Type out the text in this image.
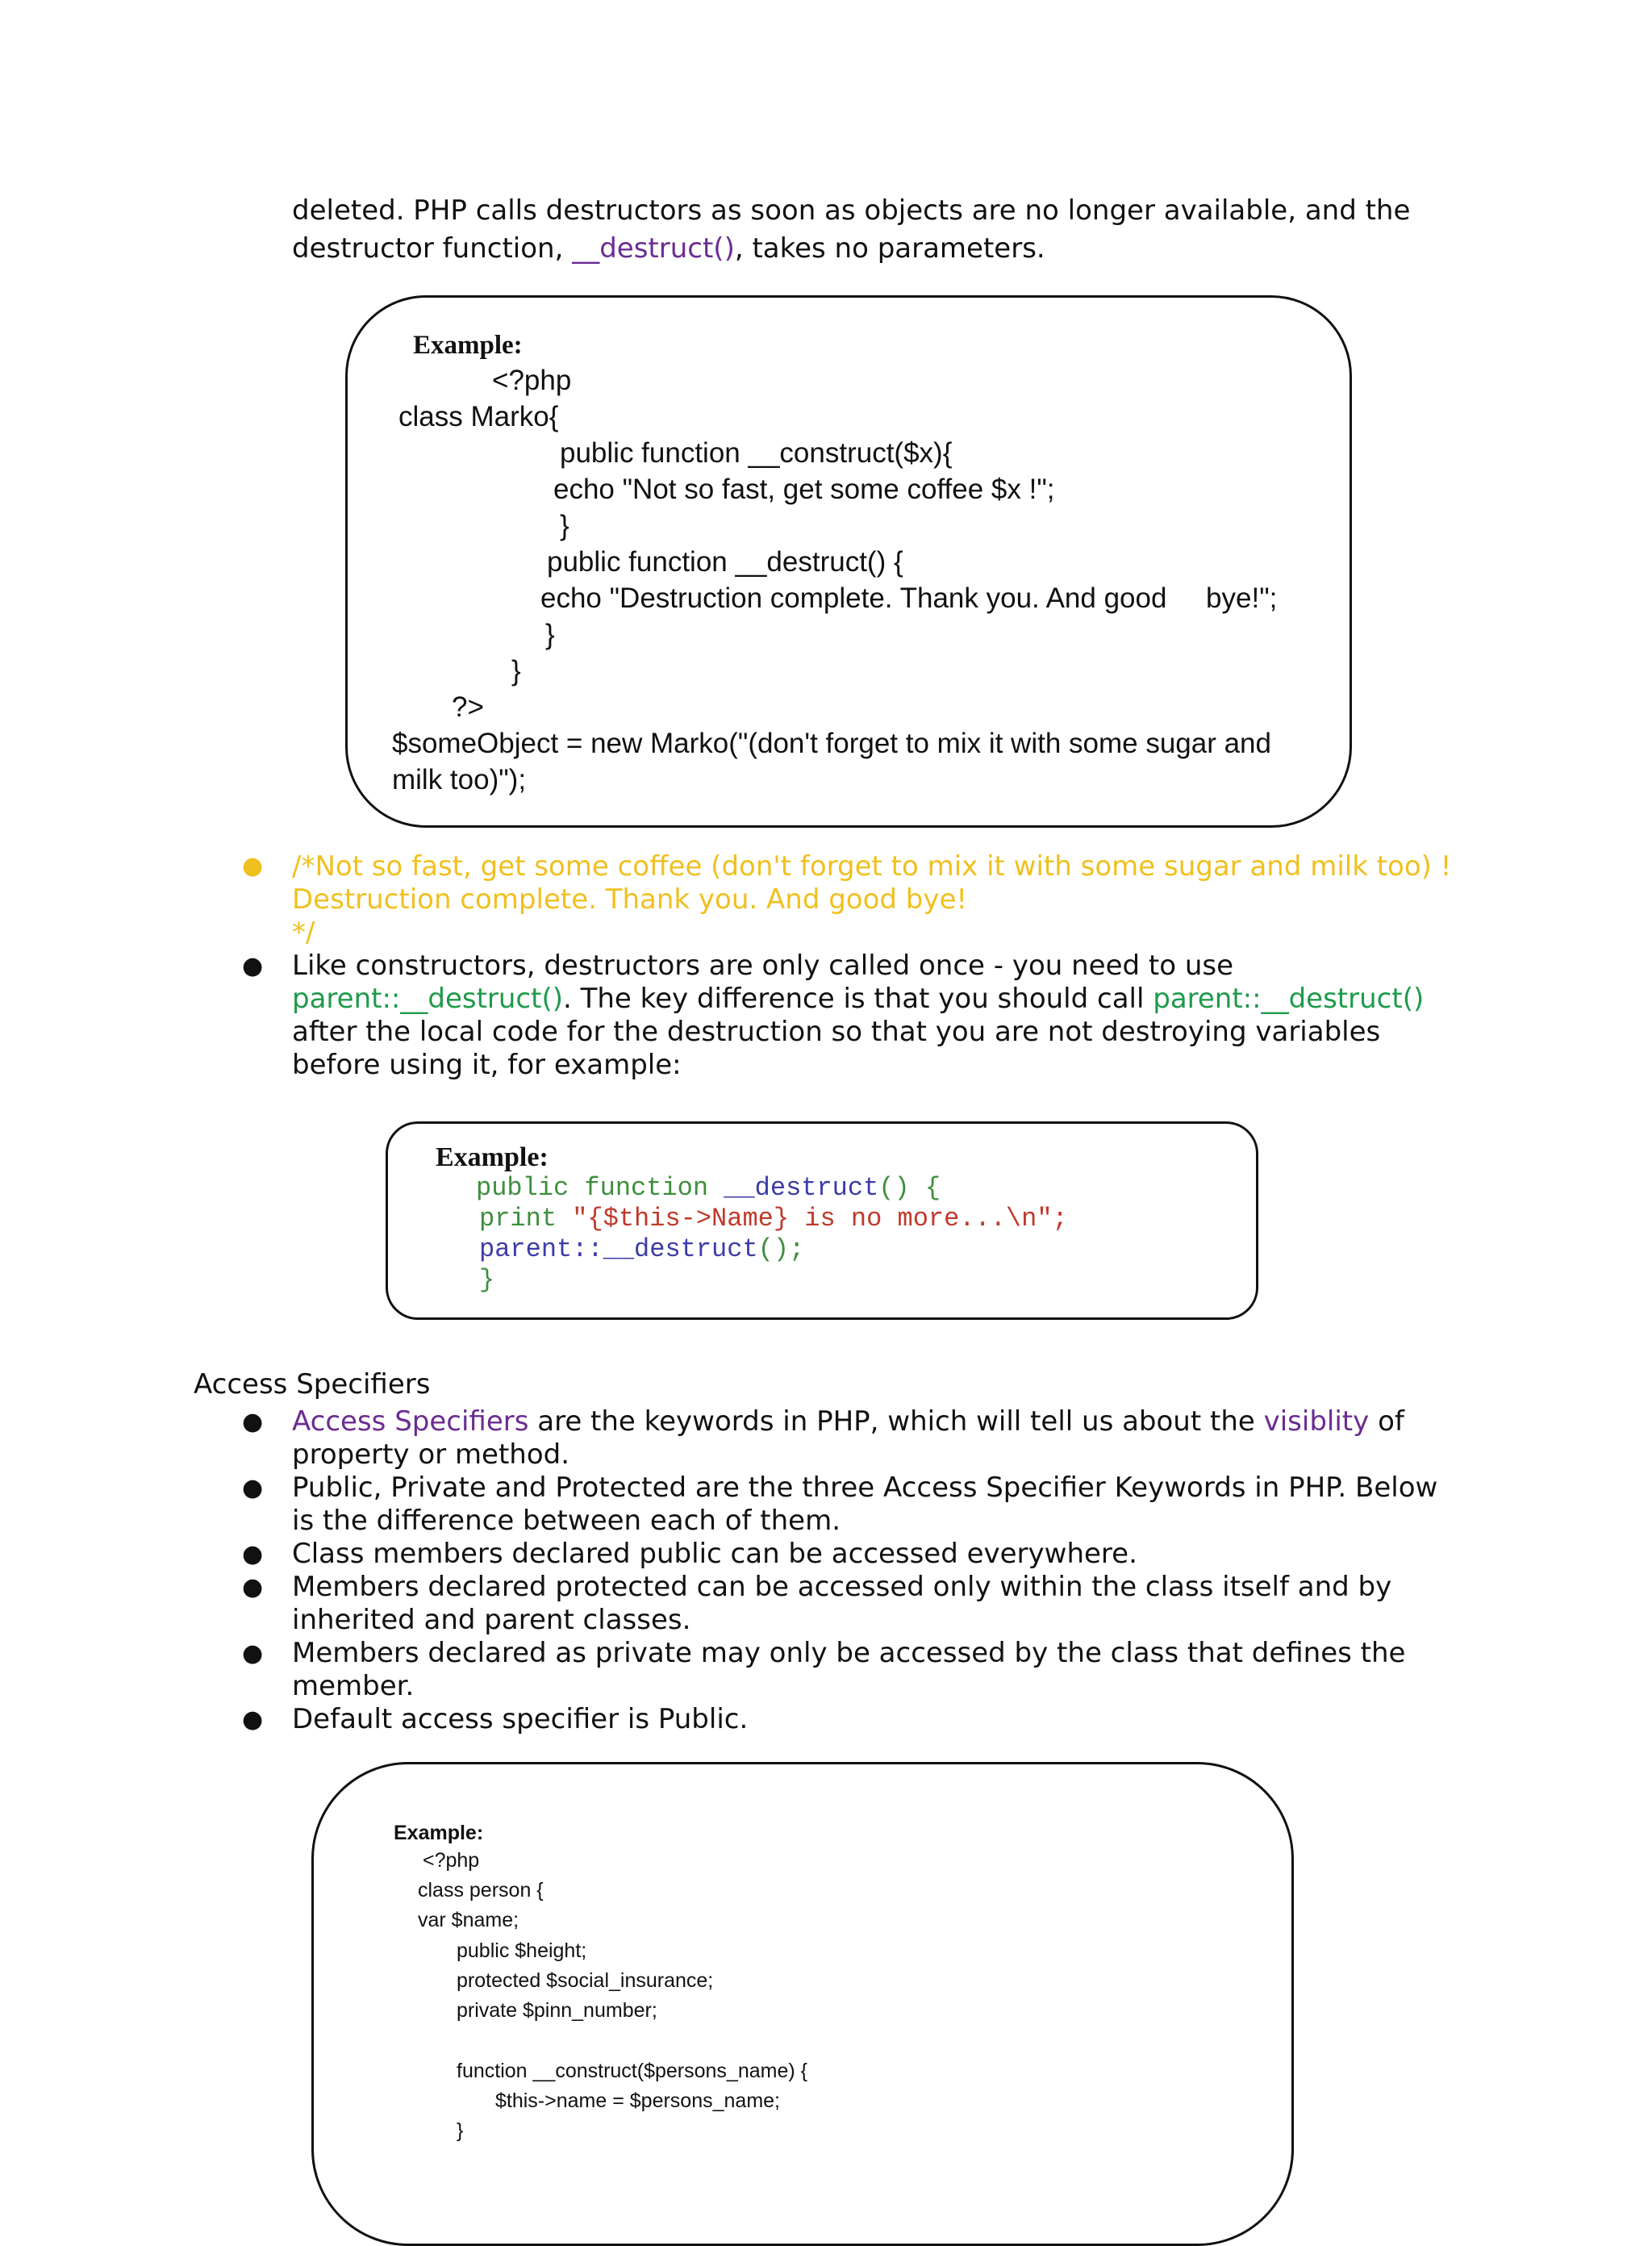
deleted. PHP calls destructors as soon as objects are no longer available, and the
destructor function, __destruct(), takes no parameters.
Example:
<?php
class Marko{
public function __construct($x){
echo "Not so fast, get some coffee $x !";
}
public function __destruct() {
echo "Destruction complete. Thank you. And good     bye!";
}
}
?>
$someObject = new Marko("(don't forget to mix it with some sugar and
milk too)");
● /*Not so fast, get some coffee (don't forget to mix it with some sugar and milk too) !
Destruction complete. Thank you. And good bye!
*/
● Like constructors, destructors are only called once - you need to use
parent::__destruct(). The key difference is that you should call parent::__destruct()
after the local code for the destruction so that you are not destroying variables
before using it, for example:
Example:
public function __destruct() {
print "{$this->Name} is no more...\n";
parent::__destruct();
}
Access Specifiers
● Access Specifiers are the keywords in PHP, which will tell us about the visiblity of
property or method.
● Public, Private and Protected are the three Access Specifier Keywords in PHP. Below
is the difference between each of them.
● Class members declared public can be accessed everywhere.
● Members declared protected can be accessed only within the class itself and by
inherited and parent classes.
● Members declared as private may only be accessed by the class that defines the
member.
● Default access specifier is Public.
Example:
<?php
class person {
var $name;
public $height;
protected $social_insurance;
private $pinn_number;
function __construct($persons_name) {
$this->name = $persons_name;
}
